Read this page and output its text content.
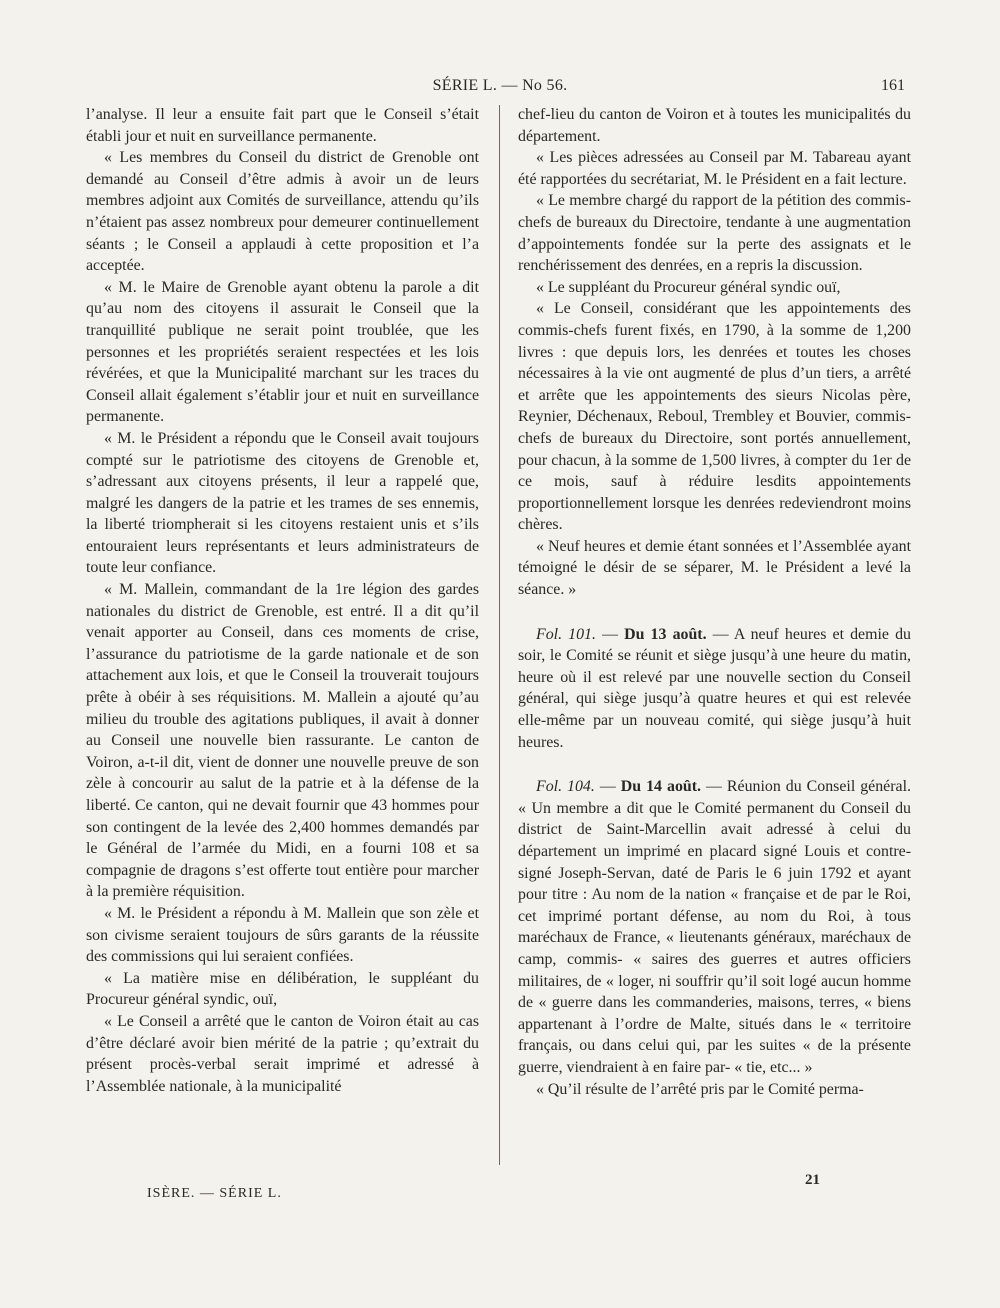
SÉRIE L. — No 56.	161

l’analyse. Il leur a ensuite fait part que le Conseil s’était établi jour et nuit en surveillance permanente.

« Les membres du Conseil du district de Grenoble ont demandé au Conseil d’être admis à avoir un de leurs membres adjoint aux Comités de surveillance, attendu qu’ils n’étaient pas assez nombreux pour demeurer continuellement séants ; le Conseil a applaudi à cette proposition et l’a acceptée.

« M. le Maire de Grenoble ayant obtenu la parole a dit qu’au nom des citoyens il assurait le Conseil que la tranquillité publique ne serait point troublée, que les personnes et les propriétés seraient respectées et les lois révérées, et que la Municipalité marchant sur les traces du Conseil allait également s’établir jour et nuit en surveillance permanente.

« M. le Président a répondu que le Conseil avait toujours compté sur le patriotisme des citoyens de Grenoble et, s’adressant aux citoyens présents, il leur a rappelé que, malgré les dangers de la patrie et les trames de ses ennemis, la liberté triompherait si les citoyens restaient unis et s’ils entouraient leurs représentants et leurs administrateurs de toute leur confiance.

« M. Mallein, commandant de la 1re légion des gardes nationales du district de Grenoble, est entré. Il a dit qu’il venait apporter au Conseil, dans ces moments de crise, l’assurance du patriotisme de la garde nationale et de son attachement aux lois, et que le Conseil la trouverait toujours prête à obéir à ses réquisitions. M. Mallein a ajouté qu’au milieu du trouble des agitations publiques, il avait à donner au Conseil une nouvelle bien rassurante. Le canton de Voiron, a-t-il dit, vient de donner une nouvelle preuve de son zèle à concourir au salut de la patrie et à la défense de la liberté. Ce canton, qui ne devait fournir que 43 hommes pour son contingent de la levée des 2,400 hommes demandés par le Général de l’armée du Midi, en a fourni 108 et sa compagnie de dragons s’est offerte tout entière pour marcher à la première réquisition.

« M. le Président a répondu à M. Mallein que son zèle et son civisme seraient toujours de sûrs garants de la réussite des commissions qui lui seraient confiées.

« La matière mise en délibération, le suppléant du Procureur général syndic, ouï,

« Le Conseil a arrêté que le canton de Voiron était au cas d’être déclaré avoir bien mérité de la patrie ; qu’extrait du présent procès-verbal serait imprimé et adressé à l’Assemblée nationale, à la municipalité

chef-lieu du canton de Voiron et à toutes les municipalités du département.

« Les pièces adressées au Conseil par M. Tabareau ayant été rapportées du secrétariat, M. le Président en a fait lecture.

« Le membre chargé du rapport de la pétition des commis-chefs de bureaux du Directoire, tendante à une augmentation d’appointements fondée sur la perte des assignats et le renchérissement des denrées, en a repris la discussion.

« Le suppléant du Procureur général syndic ouï,

« Le Conseil, considérant que les appointements des commis-chefs furent fixés, en 1790, à la somme de 1,200 livres : que depuis lors, les denrées et toutes les choses nécessaires à la vie ont augmenté de plus d’un tiers, a arrêté et arrête que les appointements des sieurs Nicolas père, Reynier, Déchenaux, Reboul, Trembley et Bouvier, commis-chefs de bureaux du Directoire, sont portés annuellement, pour chacun, à la somme de 1,500 livres, à compter du 1er de ce mois, sauf à réduire lesdits appointements proportionnellement lorsque les denrées redeviendront moins chères.

« Neuf heures et demie étant sonnées et l’Assemblée ayant témoigné le désir de se séparer, M. le Président a levé la séance. »

Fol. 101. — Du 13 août. — A neuf heures et demie du soir, le Comité se réunit et siège jusqu’à une heure du matin, heure où il est relevé par une nouvelle section du Conseil général, qui siège jusqu’à quatre heures et qui est relevée elle-même par un nouveau comité, qui siège jusqu’à huit heures.

Fol. 104. — Du 14 août. — Réunion du Conseil général. « Un membre a dit que le Comité permanent du Conseil du district de Saint-Marcellin avait adressé à celui du département un imprimé en placard signé Louis et contre-signé Joseph-Servan, daté de Paris le 6 juin 1792 et ayant pour titre : Au nom de la nation « française et de par le Roi, cet imprimé portant défense, au nom du Roi, à tous maréchaux de France, « lieutenants généraux, maréchaux de camp, commis- « saires des guerres et autres officiers militaires, de « loger, ni souffrir qu’il soit logé aucun homme de « guerre dans les commanderies, maisons, terres, « biens appartenant à l’ordre de Malte, situés dans le « territoire français, ou dans celui qui, par les suites « de la présente guerre, viendraient à en faire par- « tie, etc... »

« Qu’il résulte de l’arrêté pris par le Comité perma-

ISÈRE. — SÉRIE L.
21
